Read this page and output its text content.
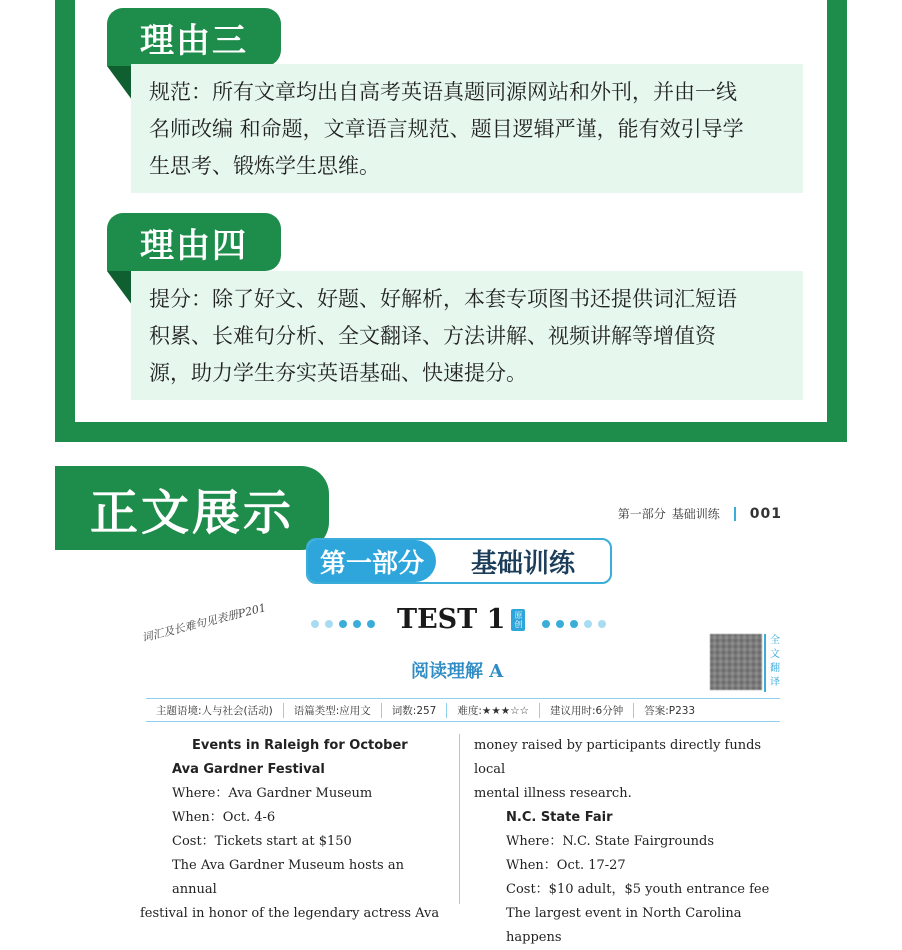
理由三
规范：所有文章均出自高考英语真题同源网站和外刊，并由一线
名师改编 和命题，文章语言规范、题目逻辑严谨，能有效引导学
生思考、锻炼学生思维。
理由四
提分：除了好文、好题、好解析，本套专项图书还提供词汇短语
积累、长难句分析、全文翻译、方法讲解、视频讲解等增值资
源，助力学生夯实英语基础、快速提分。
正文展示	第一部分 基础训练 001
第一部分	基础训练
TEST 1	原创
词汇及长难句见表册P201
阅读理解 A
全
文
翻
译
主题语境:人与社会(活动)	语篇类型:应用文	词数:257	难度:★★★☆☆	建议用时:6分钟	答案:P233

Events in Raleigh for October

Ava Gardner Festival

Where：Ava Gardner Museum

When：Oct. 4-6

Cost：Tickets start at $150

The Ava Gardner Museum hosts an annual

festival in honor of the legendary actress Ava

money raised by participants directly funds local

mental illness research.

N.C. State Fair

Where：N.C. State Fairgrounds

When：Oct. 17-27

Cost：$10 adult，$5 youth entrance fee

The largest event in North Carolina happens
